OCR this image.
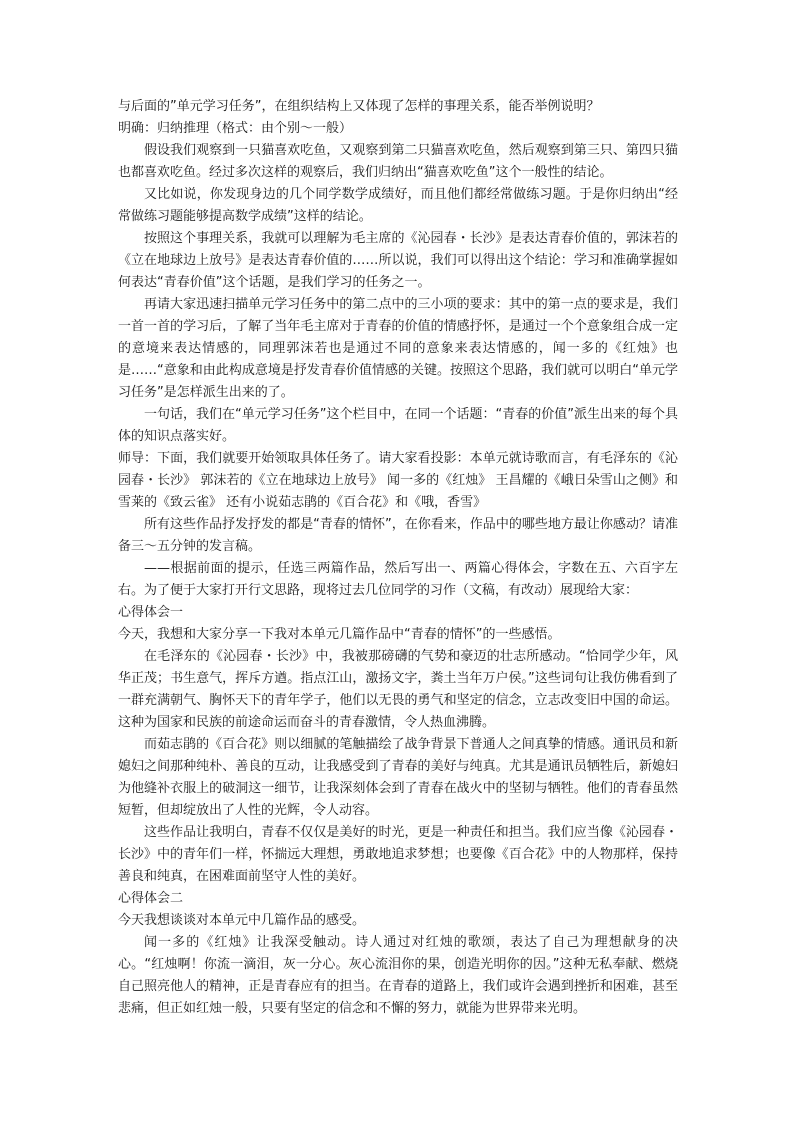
与后面的”单元学习任务”，在组织结构上又体现了怎样的事理关系，能否举例说明？

明确：归纳推理（格式：由个别～一般）

假设我们观察到一只猫喜欢吃鱼，又观察到第二只猫喜欢吃鱼，然后观察到第三只、第四只猫也都喜欢吃鱼。经过多次这样的观察后，我们归纳出“猫喜欢吃鱼”这个一般性的结论。

又比如说，你发现身边的几个同学数学成绩好，而且他们都经常做练习题。于是你归纳出“经常做练习题能够提高数学成绩”这样的结论。

按照这个事理关系，我就可以理解为毛主席的《沁园春・长沙》是表达青春价值的，郭沫若的《立在地球边上放号》是表达青春价值的……所以说，我们可以得出这个结论：学习和准确掌握如何表达“青春价值”这个话题，是我们学习的任务之一。

再请大家迅速扫描单元学习任务中的第二点中的三小项的要求：其中的第一点的要求是，我们一首一首的学习后，了解了当年毛主席对于青春的价值的情感抒怀，是通过一个个意象组合成一定的意境来表达情感的，同理郭沫若也是通过不同的意象来表达情感的，闻一多的《红烛》也是……“意象和由此构成意境是抒发青春价值情感的关键。按照这个思路，我们就可以明白“单元学习任务”是怎样派生出来的了。

一句话，我们在“单元学习任务”这个栏目中，在同一个话题：“青春的价值”派生出来的每个具体的知识点落实好。

师导：下面，我们就要开始领取具体任务了。请大家看投影：本单元就诗歌而言，有毛泽东的《沁园春・长沙》 郭沫若的《立在地球边上放号》 闻一多的《红烛》 王昌耀的《峨日朵雪山之侧》和雪莱的《致云雀》 还有小说茹志鹃的《百合花》和《哦，香雪》

所有这些作品抒发抒发的都是“青春的情怀”，在你看来，作品中的哪些地方最让你感动？请准备三～五分钟的发言稿。

——根据前面的提示，任选三两篇作品，然后写出一、两篇心得体会，字数在五、六百字左右。为了便于大家打开行文思路，现将过去几位同学的习作（文稿，有改动）展现给大家：

心得体会一

今天，我想和大家分享一下我对本单元几篇作品中“青春的情怀”的一些感悟。

在毛泽东的《沁园春・长沙》中，我被那磅礴的气势和豪迈的壮志所感动。“恰同学少年，风华正茂；书生意气，挥斥方遒。指点江山，激扬文字，粪土当年万户侯。”这些词句让我仿佛看到了一群充满朝气、胸怀天下的青年学子，他们以无畏的勇气和坚定的信念，立志改变旧中国的命运。这种为国家和民族的前途命运而奋斗的青春激情，令人热血沸腾。

而茹志鹃的《百合花》则以细腻的笔触描绘了战争背景下普通人之间真挚的情感。通讯员和新媳妇之间那种纯朴、善良的互动，让我感受到了青春的美好与纯真。尤其是通讯员牺牲后，新媳妇为他缝补衣服上的破洞这一细节，让我深刻体会到了青春在战火中的坚韧与牺牲。他们的青春虽然短暂，但却绽放出了人性的光辉，令人动容。

这些作品让我明白，青春不仅仅是美好的时光，更是一种责任和担当。我们应当像《沁园春・长沙》中的青年们一样，怀揣远大理想，勇敢地追求梦想；也要像《百合花》中的人物那样，保持善良和纯真，在困难面前坚守人性的美好。

心得体会二

今天我想谈谈对本单元中几篇作品的感受。

闻一多的《红烛》让我深受触动。诗人通过对红烛的歌颂，表达了自己为理想献身的决心。“红烛啊！你流一滴泪，灰一分心。灰心流泪你的果，创造光明你的因。”这种无私奉献、燃烧自己照亮他人的精神，正是青春应有的担当。在青春的道路上，我们或许会遇到挫折和困难，甚至悲痛，但正如红烛一般，只要有坚定的信念和不懈的努力，就能为世界带来光明。
